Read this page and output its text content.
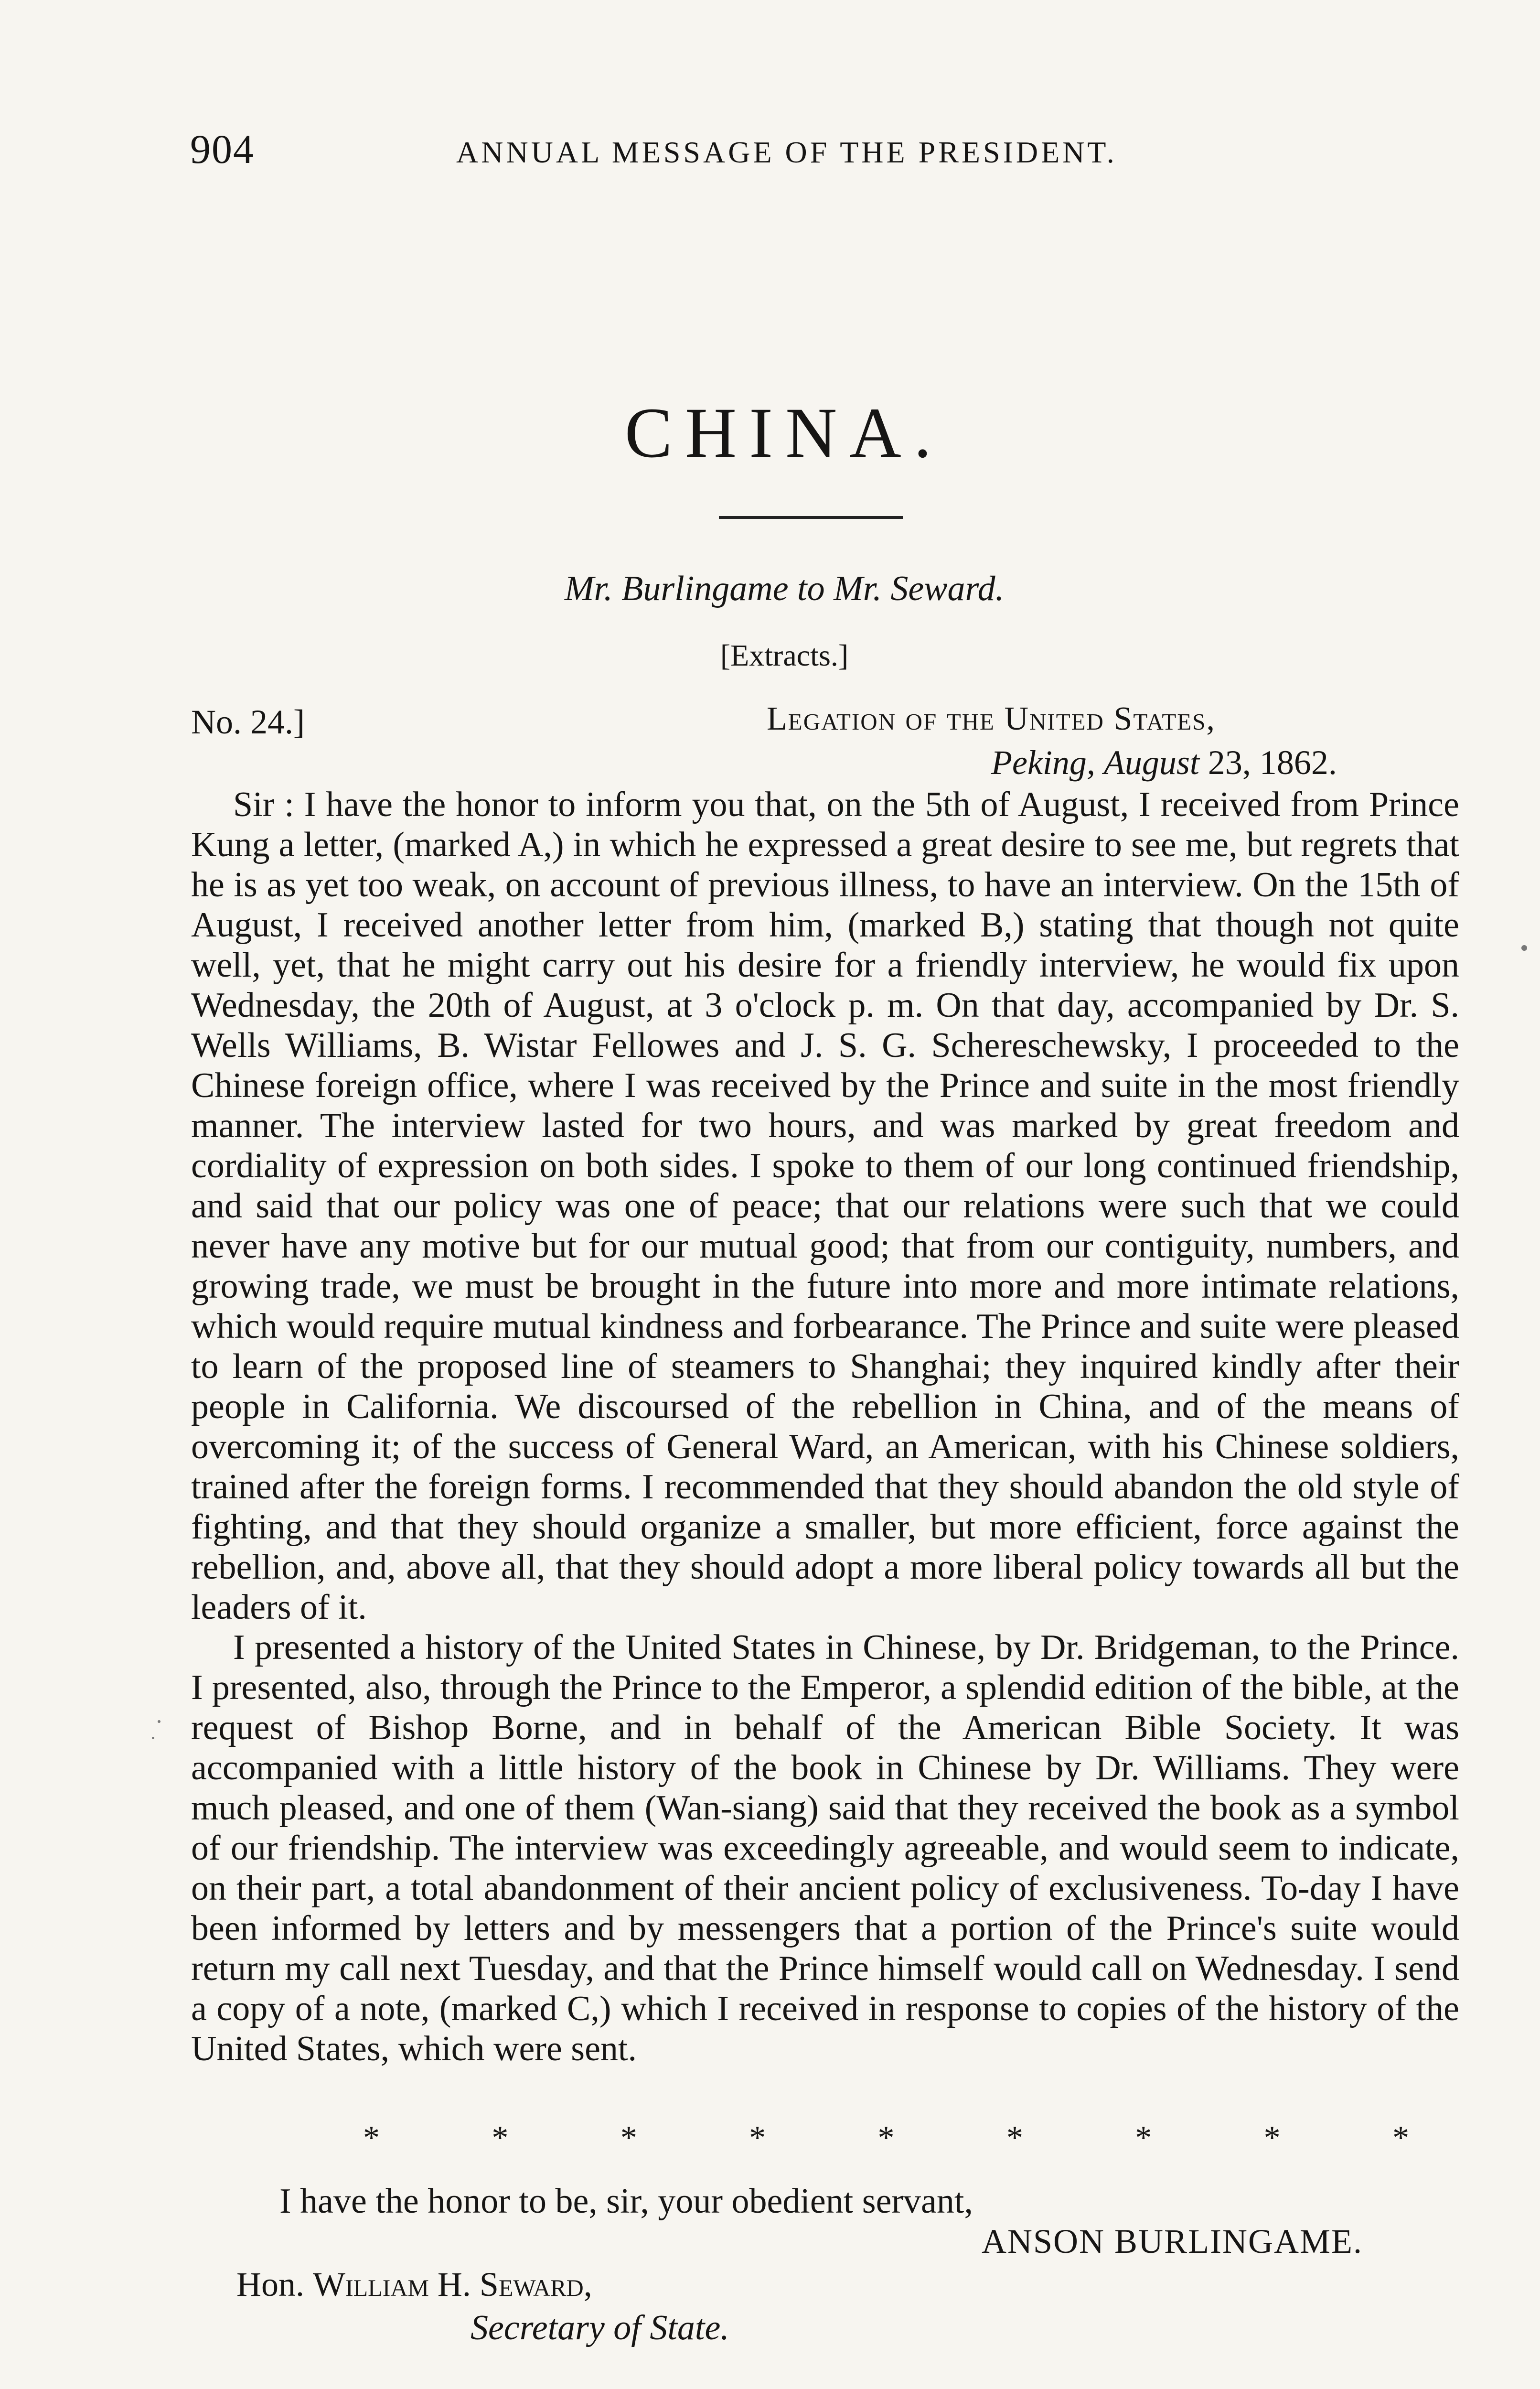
904	ANNUAL MESSAGE OF THE PRESIDENT.
CHINA.
Mr. Burlingame to Mr. Seward.
[Extracts.]
No. 24.]	Legation of the United States,
Peking, August 23, 1862.

Sir : I have the honor to inform you that, on the 5th of August, I received from Prince Kung a letter, (marked A,) in which he expressed a great desire to see me, but regrets that he is as yet too weak, on account of previous illness, to have an interview. On the 15th of August, I received another letter from him, (marked B,) stating that though not quite well, yet, that he might carry out his desire for a friendly interview, he would fix upon Wednesday, the 20th of August, at 3 o'clock p. m. On that day, accompanied by Dr. S. Wells Williams, B. Wistar Fellowes and J. S. G. Schereschewsky, I proceeded to the Chinese foreign office, where I was received by the Prince and suite in the most friendly manner. The interview lasted for two hours, and was marked by great freedom and cordiality of expression on both sides. I spoke to them of our long continued friendship, and said that our policy was one of peace; that our relations were such that we could never have any motive but for our mutual good; that from our contiguity, numbers, and growing trade, we must be brought in the future into more and more intimate relations, which would require mutual kindness and forbearance. The Prince and suite were pleased to learn of the proposed line of steamers to Shanghai; they inquired kindly after their people in California. We discoursed of the rebellion in China, and of the means of overcoming it; of the success of General Ward, an American, with his Chinese soldiers, trained after the foreign forms. I recommended that they should abandon the old style of fighting, and that they should organize a smaller, but more efficient, force against the rebellion, and, above all, that they should adopt a more liberal policy towards all but the leaders of it.

I presented a history of the United States in Chinese, by Dr. Bridgeman, to the Prince. I presented, also, through the Prince to the Emperor, a splendid edition of the bible, at the request of Bishop Borne, and in behalf of the American Bible Society. It was accompanied with a little history of the book in Chinese by Dr. Williams. They were much pleased, and one of them (Wan-siang) said that they received the book as a symbol of our friendship. The interview was exceedingly agreeable, and would seem to indicate, on their part, a total abandonment of their ancient policy of exclusiveness. To-day I have been informed by letters and by messengers that a portion of the Prince's suite would return my call next Tuesday, and that the Prince himself would call on Wednesday. I send a copy of a note, (marked C,) which I received in response to copies of the history of the United States, which were sent.

*	*	*	*	*	*	*	*	*
I have the honor to be, sir, your obedient servant,
ANSON BURLINGAME.
Hon. William H. Seward,
Secretary of State.
